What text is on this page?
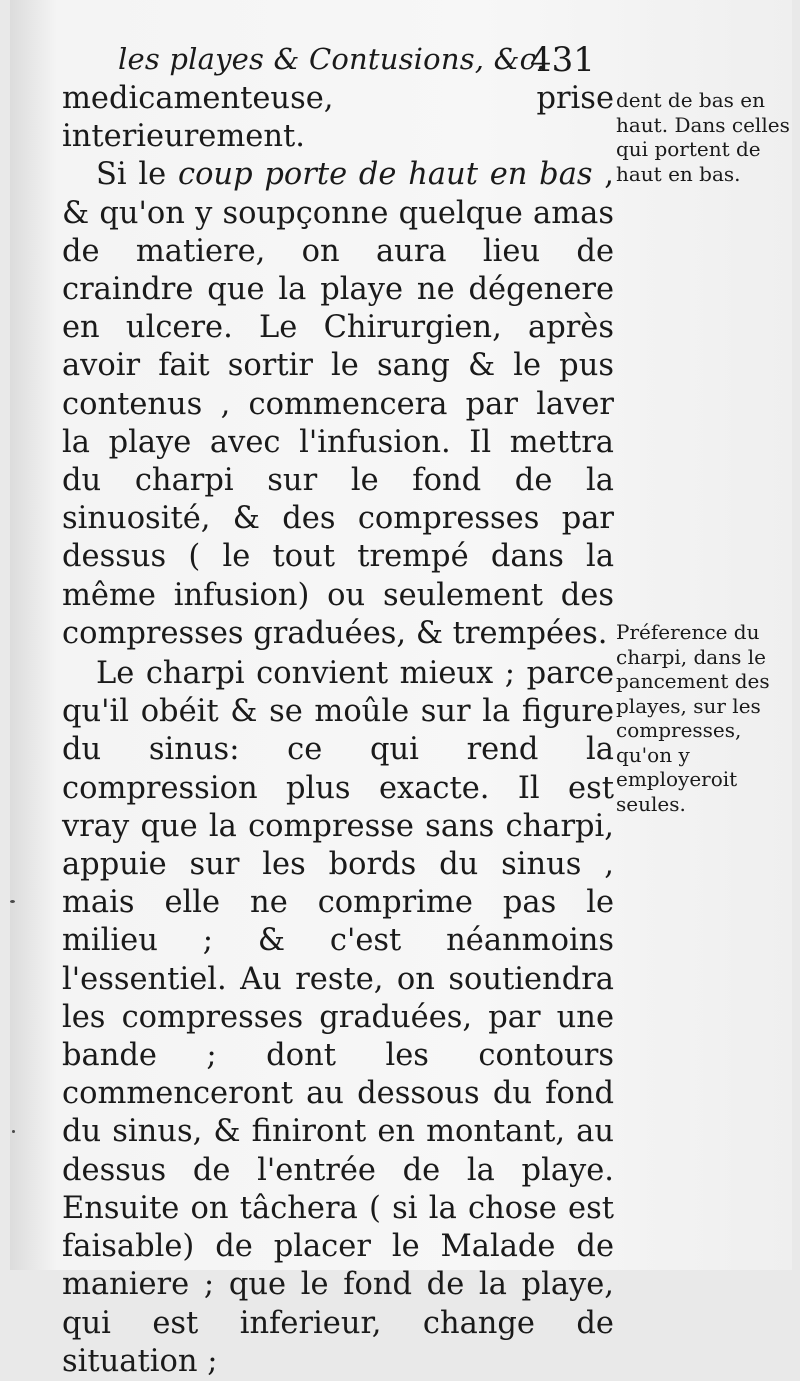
les playes & Contusions, &c.
431

medicamenteuse, prise interieurement.

Si le coup porte de haut en bas , & qu'on y soupçonne quelque amas de matiere, on aura lieu de craindre que la playe ne dégenere en ulcere. Le Chirurgien, après avoir fait sortir le sang & le pus contenus , commencera par laver la playe avec l'infusion. Il mettra du charpi sur le fond de la sinuosité, & des compresses par dessus ( le tout trempé dans la même infusion) ou seulement des compresses graduées, & trempées.

Le charpi convient mieux ; parce qu'il obéit & se moûle sur la figure du sinus: ce qui rend la compression plus exacte. Il est vray que la compresse sans charpi, appuie sur les bords du sinus , mais elle ne comprime pas le milieu ; & c'est néanmoins l'essentiel. Au reste, on soutiendra les compresses graduées, par une bande ; dont les contours commenceront au dessous du fond du sinus, & finiront en montant, au dessus de l'entrée de la playe. Ensuite on tâchera ( si la chose est faisable) de placer le Malade de maniere ; que le fond de la playe, qui est inferieur, change de situation ;

dent de bas en haut. Dans celles qui portent de haut en bas.
Préference du charpi, dans le pancement des playes, sur les compresses, qu'on y employeroit seules.
